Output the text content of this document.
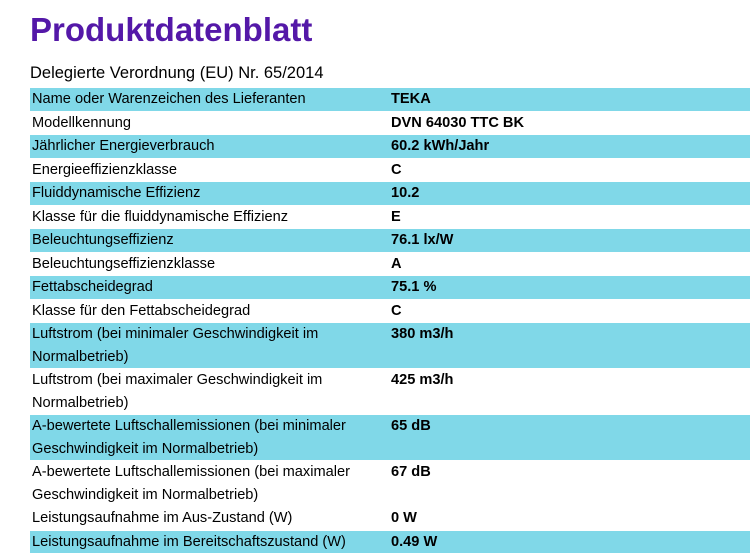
Produktdatenblatt
Delegierte Verordnung (EU) Nr. 65/2014
Name oder Warenzeichen des Lieferanten	TEKA
Modellkennung	DVN 64030 TTC BK
Jährlicher Energieverbrauch	60.2 kWh/Jahr
Energieeffizienzklasse	C
Fluiddynamische Effizienz	10.2
Klasse für die fluiddynamische Effizienz	E
Beleuchtungseffizienz	76.1 lx/W
Beleuchtungseffizienzklasse	A
Fettabscheidegrad	75.1 %
Klasse für den Fettabscheidegrad	C
Luftstrom (bei minimaler Geschwindigkeit im Normalbetrieb)	380 m3/h
Luftstrom (bei maximaler Geschwindigkeit im Normalbetrieb)	425 m3/h
A-bewertete Luftschallemissionen (bei minimaler Geschwindigkeit im Normalbetrieb)	65 dB
A-bewertete Luftschallemissionen (bei maximaler Geschwindigkeit im Normalbetrieb)	67 dB
Leistungsaufnahme im Aus-Zustand (W)	0 W
Leistungsaufnahme im Bereitschaftszustand (W)	0.49 W
